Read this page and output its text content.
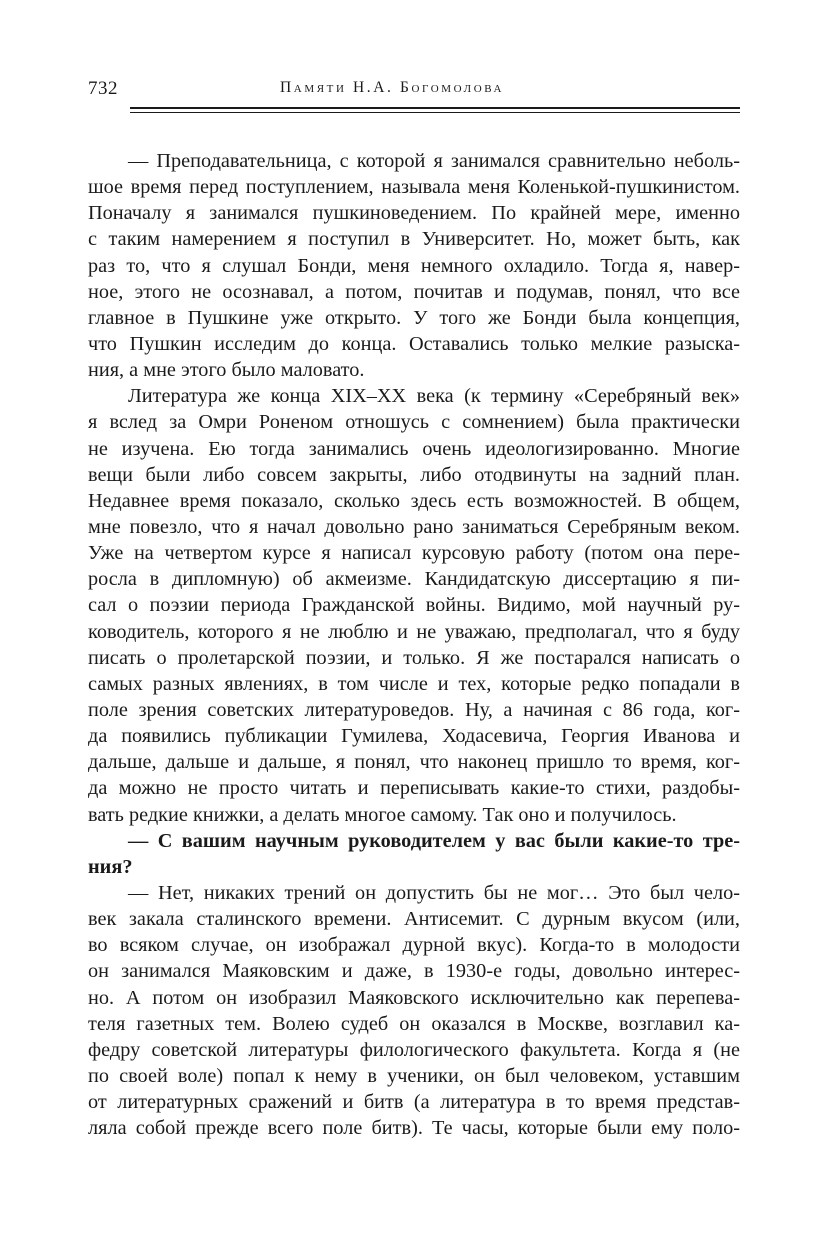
732	Памяти Н.А. Богомолова
— Преподавательница, с которой я занимался сравнительно неболь-
шое время перед поступлением, называла меня Коленькой-пушкинистом.
Поначалу я занимался пушкиноведением. По крайней мере, именно
с таким намерением я поступил в Университет. Но, может быть, как
раз то, что я слушал Бонди, меня немного охладило. Тогда я, навер-
ное, этого не осознавал, а потом, почитав и подумав, понял, что все
главное в Пушкине уже открыто. У того же Бонди была концепция,
что Пушкин исследим до конца. Оставались только мелкие разыска-
ния, а мне этого было маловато.
Литература же конца XIX–XX века (к термину «Серебряный век»
я вслед за Омри Роненом отношусь с сомнением) была практически
не изучена. Ею тогда занимались очень идеологизированно. Многие
вещи были либо совсем закрыты, либо отодвинуты на задний план.
Недавнее время показало, сколько здесь есть возможностей. В общем,
мне повезло, что я начал довольно рано заниматься Серебряным веком.
Уже на четвертом курсе я написал курсовую работу (потом она пере-
росла в дипломную) об акмеизме. Кандидатскую диссертацию я пи-
сал о поэзии периода Гражданской войны. Видимо, мой научный ру-
ководитель, которого я не люблю и не уважаю, предполагал, что я буду
писать о пролетарской поэзии, и только. Я же постарался написать о
самых разных явлениях, в том числе и тех, которые редко попадали в
поле зрения советских литературоведов. Ну, а начиная с 86 года, ког-
да появились публикации Гумилева, Ходасевича, Георгия Иванова и
дальше, дальше и дальше, я понял, что наконец пришло то время, ког-
да можно не просто читать и переписывать какие-то стихи, раздобы-
вать редкие книжки, а делать многое самому. Так оно и получилось.
— С вашим научным руководителем у вас были какие-то тре-
ния?
— Нет, никаких трений он допустить бы не мог… Это был чело-
век закала сталинского времени. Антисемит. С дурным вкусом (или,
во всяком случае, он изображал дурной вкус). Когда-то в молодости
он занимался Маяковским и даже, в 1930-е годы, довольно интерес-
но. А потом он изобразил Маяковского исключительно как перепева-
теля газетных тем. Волею судеб он оказался в Москве, возглавил ка-
федру советской литературы филологического факультета. Когда я (не
по своей воле) попал к нему в ученики, он был человеком, уставшим
от литературных сражений и битв (а литература в то время представ-
ляла собой прежде всего поле битв). Те часы, которые были ему поло-
